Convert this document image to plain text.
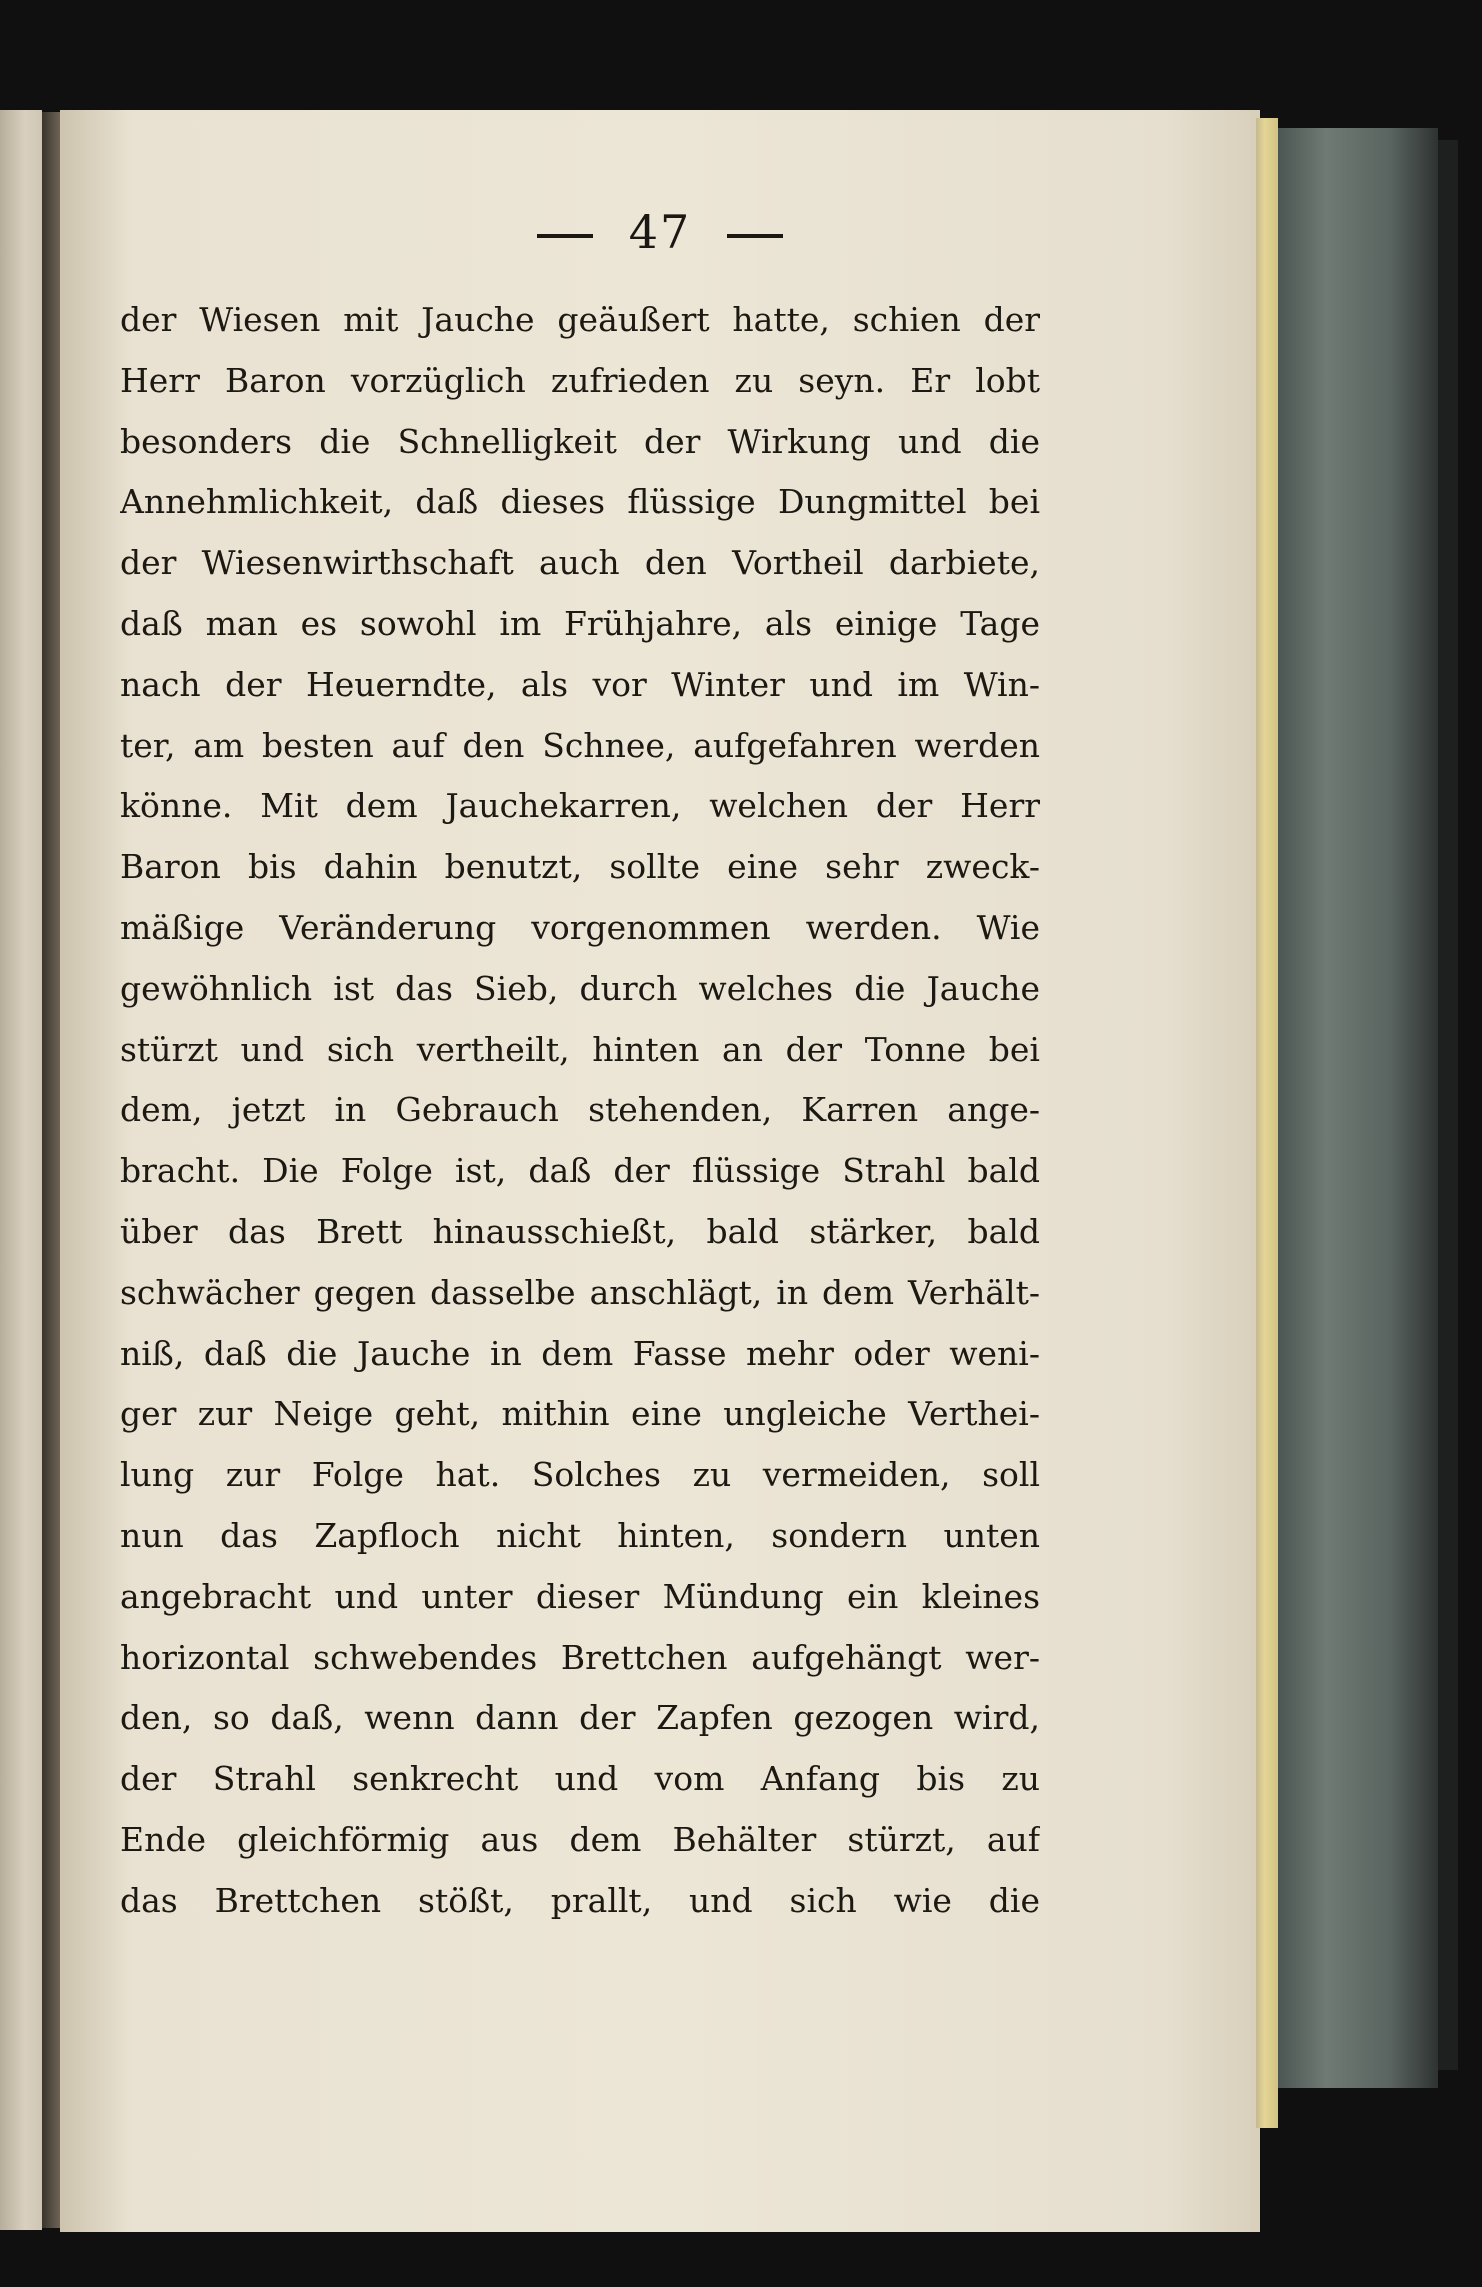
47
der Wiesen mit Jauche geäußert hatte, schien der
Herr Baron vorzüglich zufrieden zu seyn. Er lobt
besonders die Schnelligkeit der Wirkung und die
Annehmlichkeit, daß dieses flüssige Dungmittel bei
der Wiesenwirthschaft auch den Vortheil darbiete,
daß man es sowohl im Frühjahre, als einige Tage
nach der Heuerndte, als vor Winter und im Win-
ter, am besten auf den Schnee, aufgefahren werden
könne. Mit dem Jauchekarren, welchen der Herr
Baron bis dahin benutzt, sollte eine sehr zweck-
mäßige Veränderung vorgenommen werden. Wie
gewöhnlich ist das Sieb, durch welches die Jauche
stürzt und sich vertheilt, hinten an der Tonne bei
dem, jetzt in Gebrauch stehenden, Karren ange-
bracht. Die Folge ist, daß der flüssige Strahl bald
über das Brett hinausschießt, bald stärker, bald
schwächer gegen dasselbe anschlägt, in dem Verhält-
niß, daß die Jauche in dem Fasse mehr oder weni-
ger zur Neige geht, mithin eine ungleiche Verthei-
lung zur Folge hat. Solches zu vermeiden, soll
nun das Zapfloch nicht hinten, sondern unten
angebracht und unter dieser Mündung ein kleines
horizontal schwebendes Brettchen aufgehängt wer-
den, so daß, wenn dann der Zapfen gezogen wird,
der Strahl senkrecht und vom Anfang bis zu
Ende gleichförmig aus dem Behälter stürzt, auf
das Brettchen stößt, prallt, und sich wie die
